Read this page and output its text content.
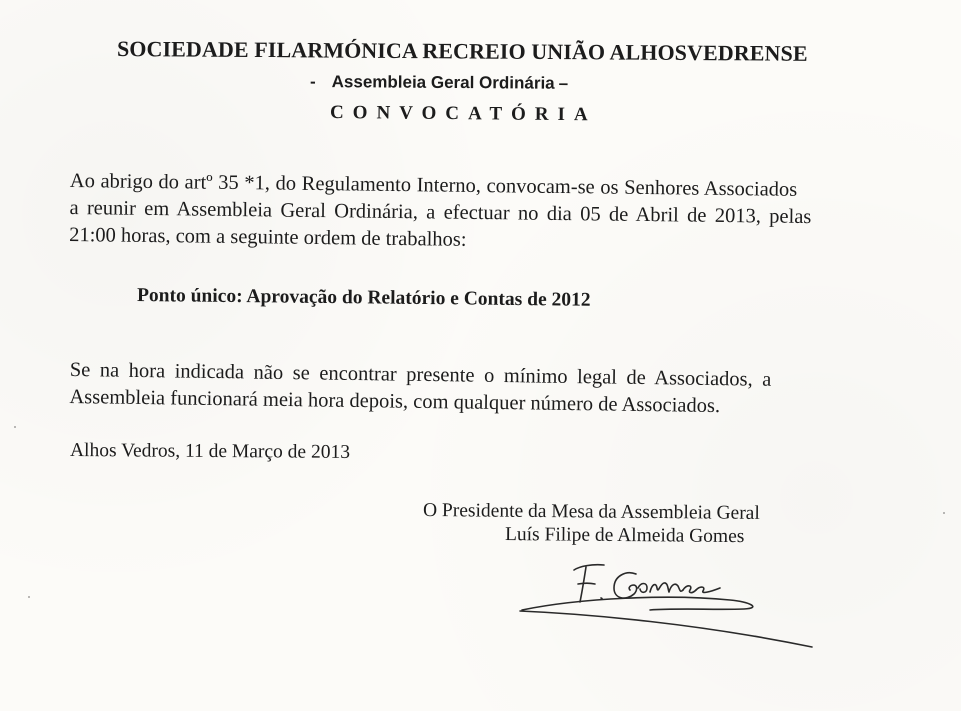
SOCIEDADE FILARMÓNICA RECREIO UNIÃO ALHOSVEDRENSE
- Assembleia Geral Ordinária –
CONVOCATÓRIA
Ao abrigo do artº 35 *1, do Regulamento Interno, convocam-se os Senhores Associados
a reunir em Assembleia Geral Ordinária, a efectuar no dia 05 de Abril de 2013, pelas
21:00 horas, com a seguinte ordem de trabalhos:
Ponto único: Aprovação do Relatório e Contas de 2012
Se na hora indicada não se encontrar presente o mínimo legal de Associados, a
Assembleia funcionará meia hora depois, com qualquer número de Associados.
Alhos Vedros, 11 de Março de 2013
O Presidente da Mesa da Assembleia Geral
Luís Filipe de Almeida Gomes
